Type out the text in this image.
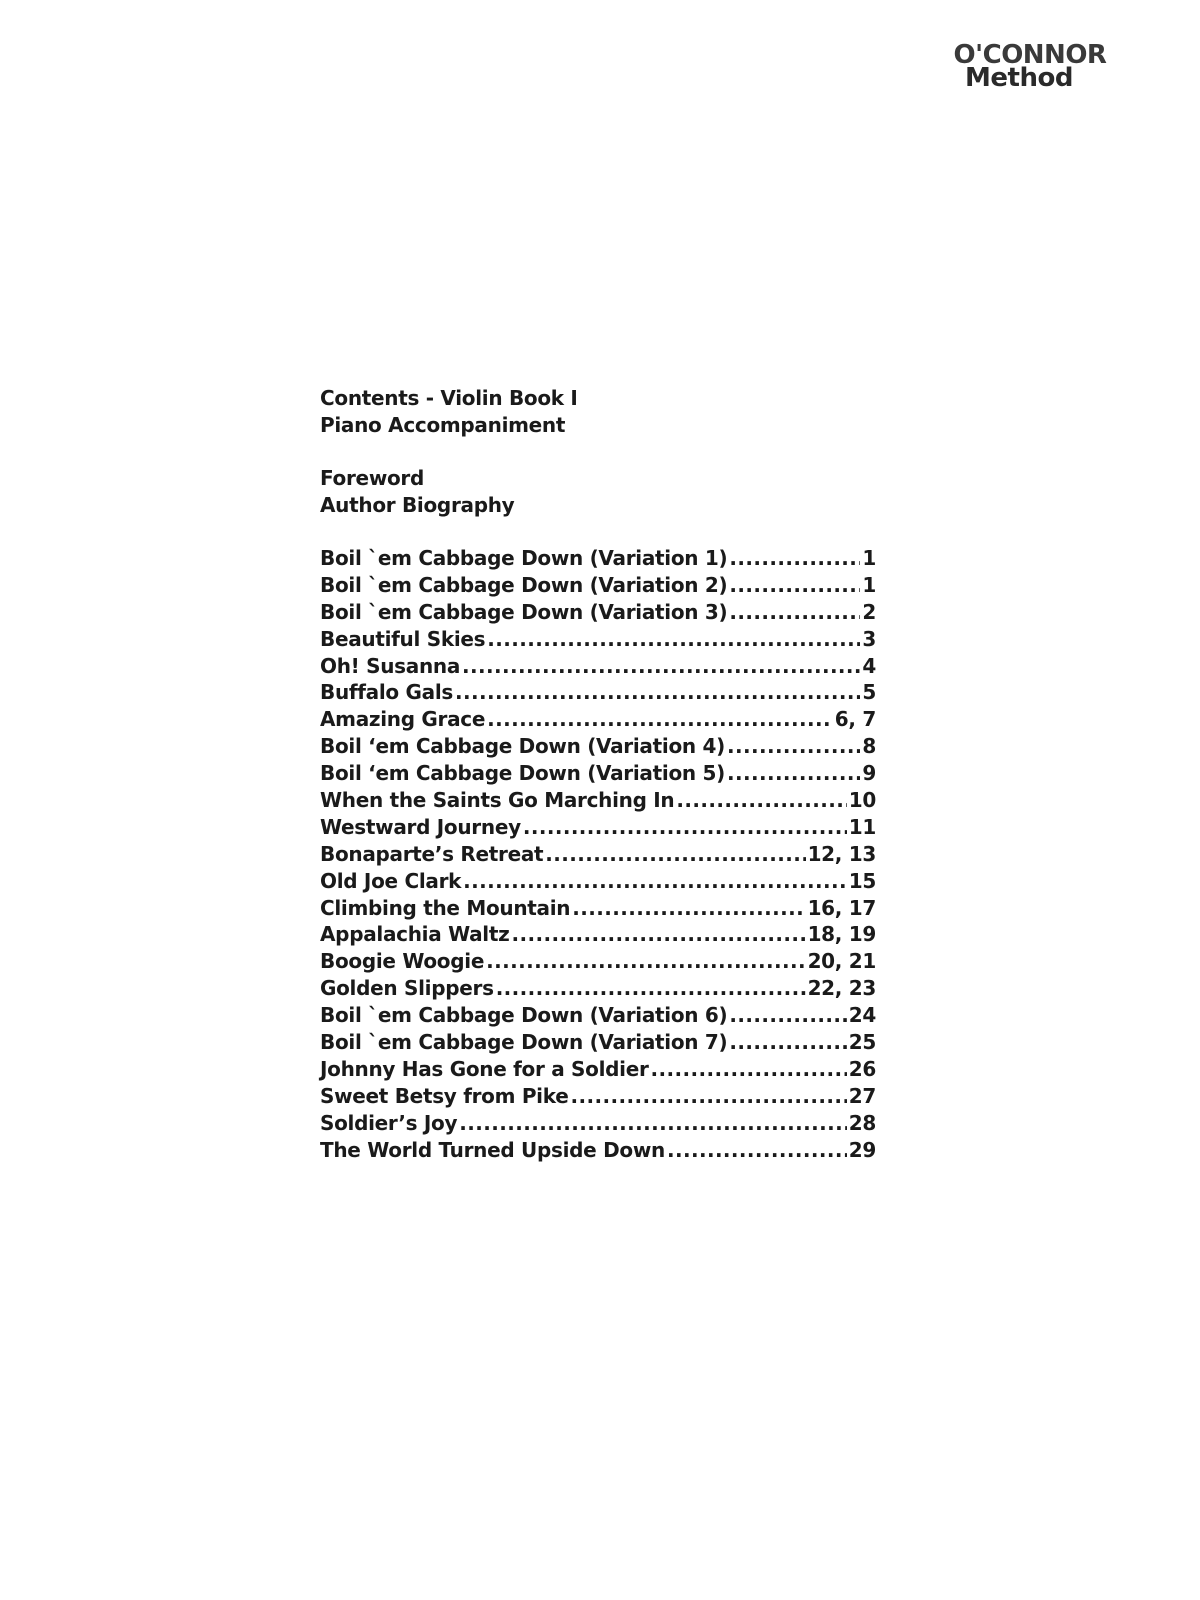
O'CONNOR
Method

Contents - Violin Book I

Piano Accompaniment

Foreword

Author Biography

Boil `em Cabbage Down (Variation 1) .....	1
Boil `em Cabbage Down (Variation 2) .....	1
Boil `em Cabbage Down (Variation 3) .....	2
Beautiful Skies .....	3
Oh! Susanna .....	4
Buffalo Gals .....	5
Amazing Grace .....	6, 7
Boil ‘em Cabbage Down (Variation 4) .....	8
Boil ‘em Cabbage Down (Variation 5) .....	9
When the Saints Go Marching In .....	10
Westward Journey .....	11
Bonaparte’s Retreat .....	12, 13
Old Joe Clark .....	15
Climbing the Mountain .....	16, 17
Appalachia Waltz .....	18, 19
Boogie Woogie .....	20, 21
Golden Slippers .....	22, 23
Boil `em Cabbage Down (Variation 6) .....	24
Boil `em Cabbage Down (Variation 7) .....	25
Johnny Has Gone for a Soldier .....	26
Sweet Betsy from Pike .....	27
Soldier’s Joy .....	28
The World Turned Upside Down .....	29
